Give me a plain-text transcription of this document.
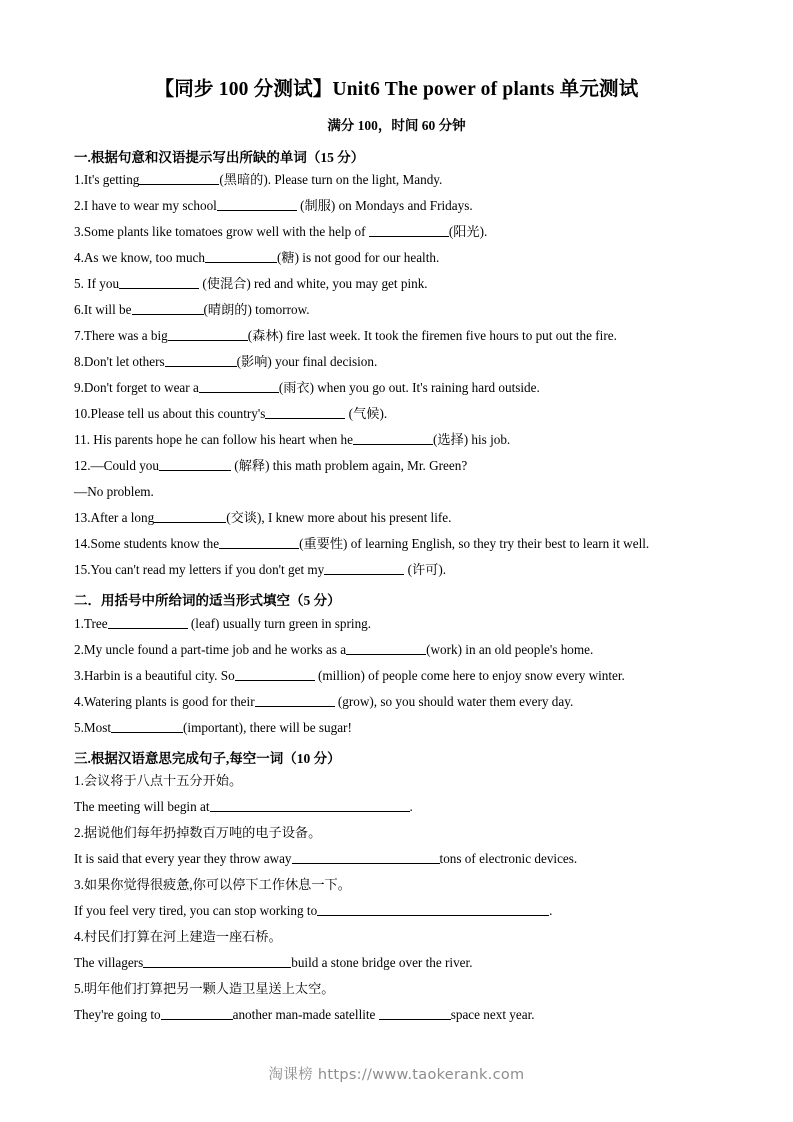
【同步 100 分测试】Unit6 The power of plants 单元测试
满分 100，时间 60 分钟
一.根据句意和汉语提示写出所缺的单词（15 分）
1.It's getting	(黑暗的). Please turn on the light, Mandy.
2.I have to wear my school	(制服) on Mondays and Fridays.
3.Some plants like tomatoes grow well with the help of	(阳光).
4.As we know, too much	(糖) is not good for our health.
5. If you	(使混合) red and white, you may get pink.
6.It will be	(晴朗的) tomorrow.
7.There was a big	(森林) fire last week. It took the firemen five hours to put out the fire.
8.Don't let others	(影响) your final decision.
9.Don't forget to wear a	(雨衣) when you go out. It's raining hard outside.
10.Please tell us about this country's	(气候).
11. His parents hope he can follow his heart when he	(选择) his job.
12.—Could you	(解释) this math problem again, Mr. Green?
—No problem.
13.After a long	(交谈), I knew more about his present life.
14.Some students know the	(重要性) of learning English, so they try their best to learn it well.
15.You can't read my letters if you don't get my	(许可).
二．用括号中所给词的适当形式填空（5 分）
1.Tree	(leaf) usually turn green in spring.
2.My uncle found a part-time job and he works as a	(work) in an old people's home.
3.Harbin is a beautiful city. So	(million) of people come here to enjoy snow every winter.
4.Watering plants is good for their	(grow), so you should water them every day.
5.Most	(important), there will be sugar!
三.根据汉语意思完成句子,每空一词（10 分）
1.会议将于八点十五分开始。
The meeting will begin at	.
2.据说他们每年扔掉数百万吨的电子设备。
It is said that every year they throw away	tons of electronic devices.
3.如果你觉得很疲惫,你可以停下工作休息一下。
If you feel very tired, you can stop working to	.
4.村民们打算在河上建造一座石桥。
The villagers	build a stone bridge over the river.
5.明年他们打算把另一颗人造卫星送上太空。
They're going to	another man-made satellite	space next year.
淘课榜 https://www.taokerank.com
